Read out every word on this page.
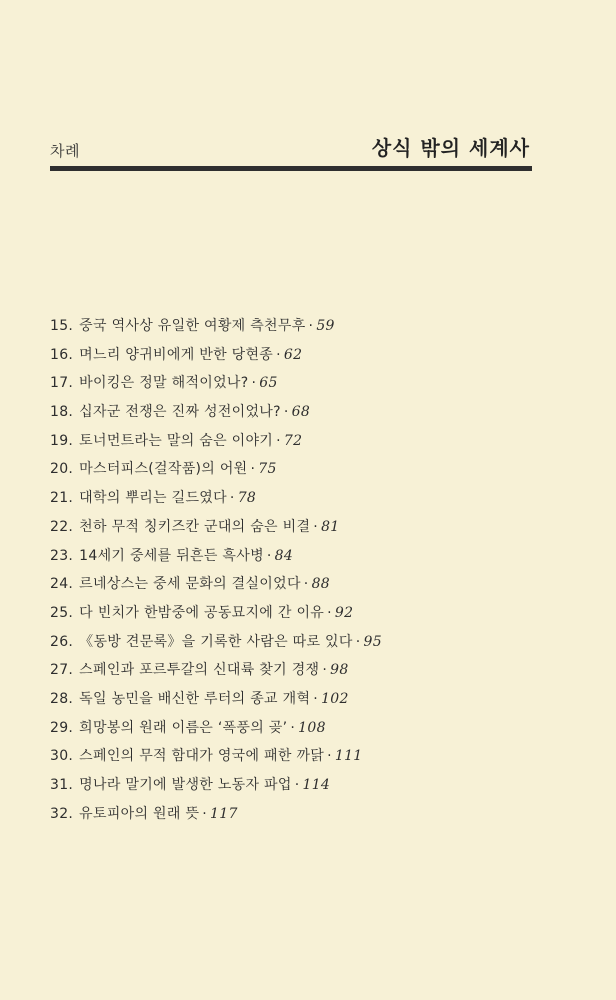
차례	상식 밖의 세계사
15. 중국 역사상 유일한 여황제 측천무후 · 59
16. 며느리 양귀비에게 반한 당현종 · 62
17. 바이킹은 정말 해적이었나? · 65
18. 십자군 전쟁은 진짜 성전이었나? · 68
19. 토너먼트라는 말의 숨은 이야기 · 72
20. 마스터피스(걸작품)의 어원 · 75
21. 대학의 뿌리는 길드였다 · 78
22. 천하 무적 칭키즈칸 군대의 숨은 비결 · 81
23. 14세기 중세를 뒤흔든 흑사병 · 84
24. 르네상스는 중세 문화의 결실이었다 · 88
25. 다 빈치가 한밤중에 공동묘지에 간 이유 · 92
26. 《동방 견문록》을 기록한 사람은 따로 있다 · 95
27. 스페인과 포르투갈의 신대륙 찾기 경쟁 · 98
28. 독일 농민을 배신한 루터의 종교 개혁 · 102
29. 희망봉의 원래 이름은 ‘폭풍의 곶’ · 108
30. 스페인의 무적 함대가 영국에 패한 까닭 · 111
31. 명나라 말기에 발생한 노동자 파업 · 114
32. 유토피아의 원래 뜻 · 117
